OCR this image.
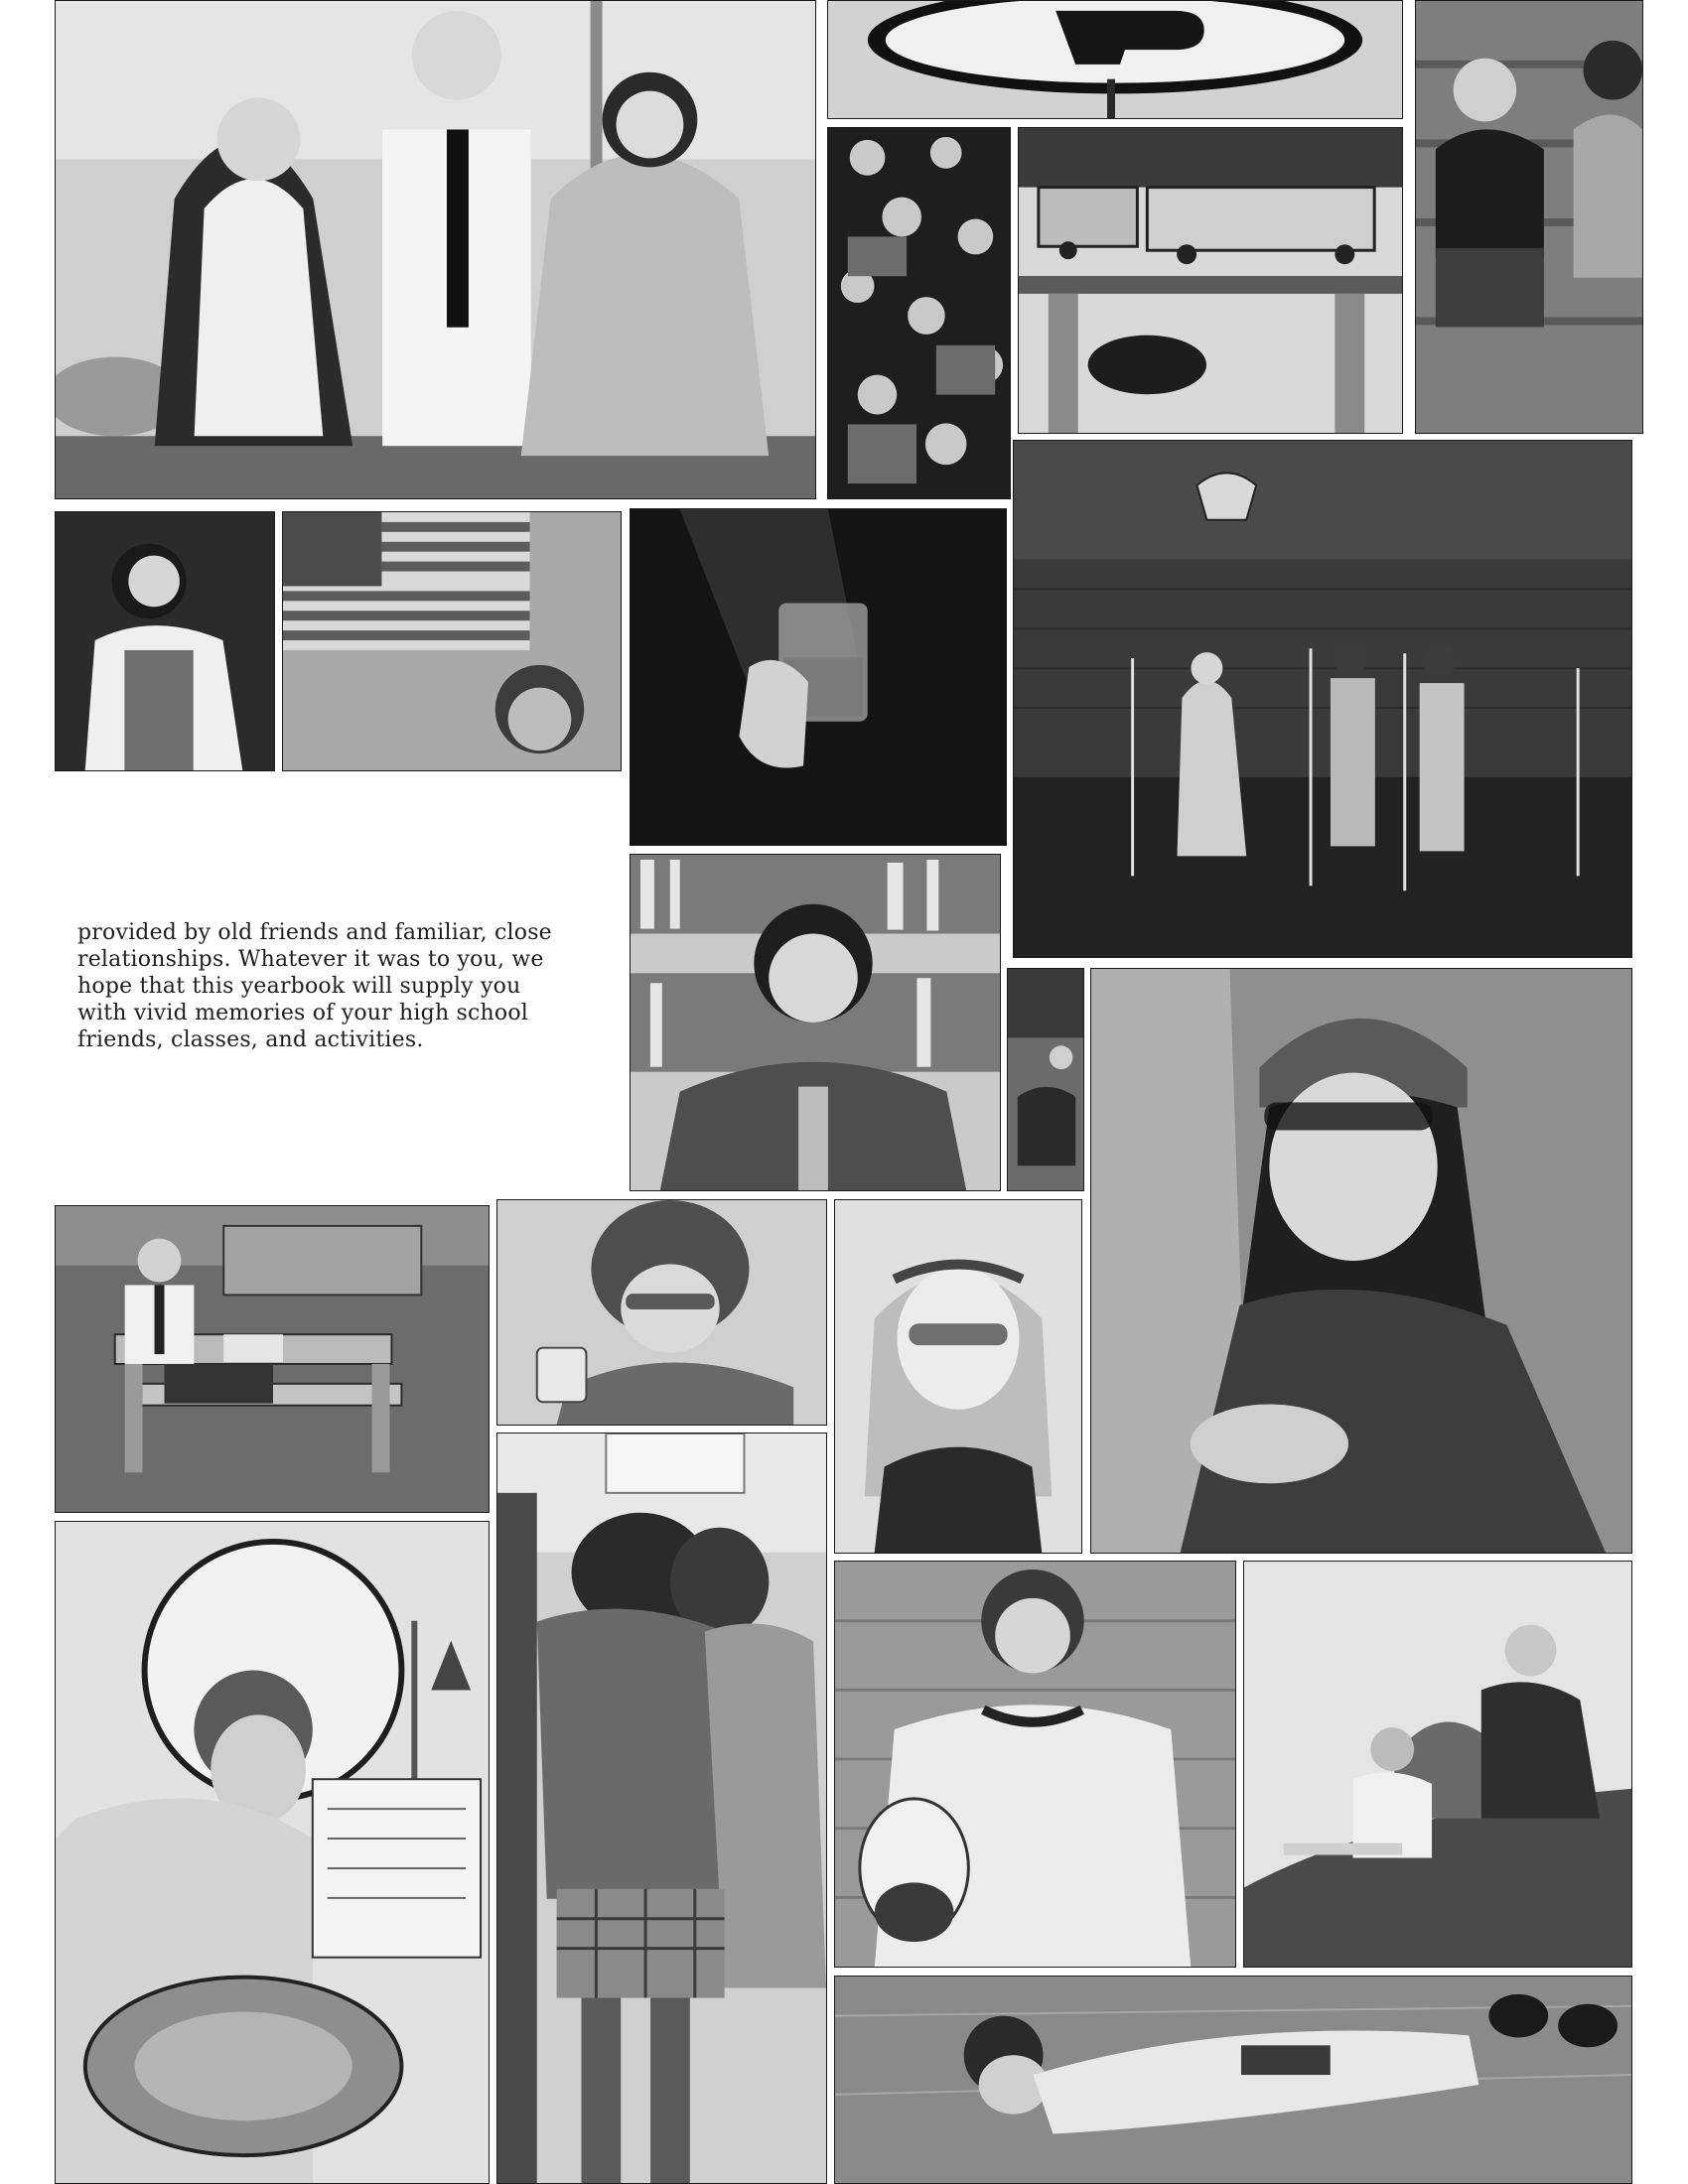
provided by old friends and familiar, close

relationships. Whatever it was to you, we

hope that this yearbook will supply you

with vivid memories of your high school

friends, classes, and activities.
